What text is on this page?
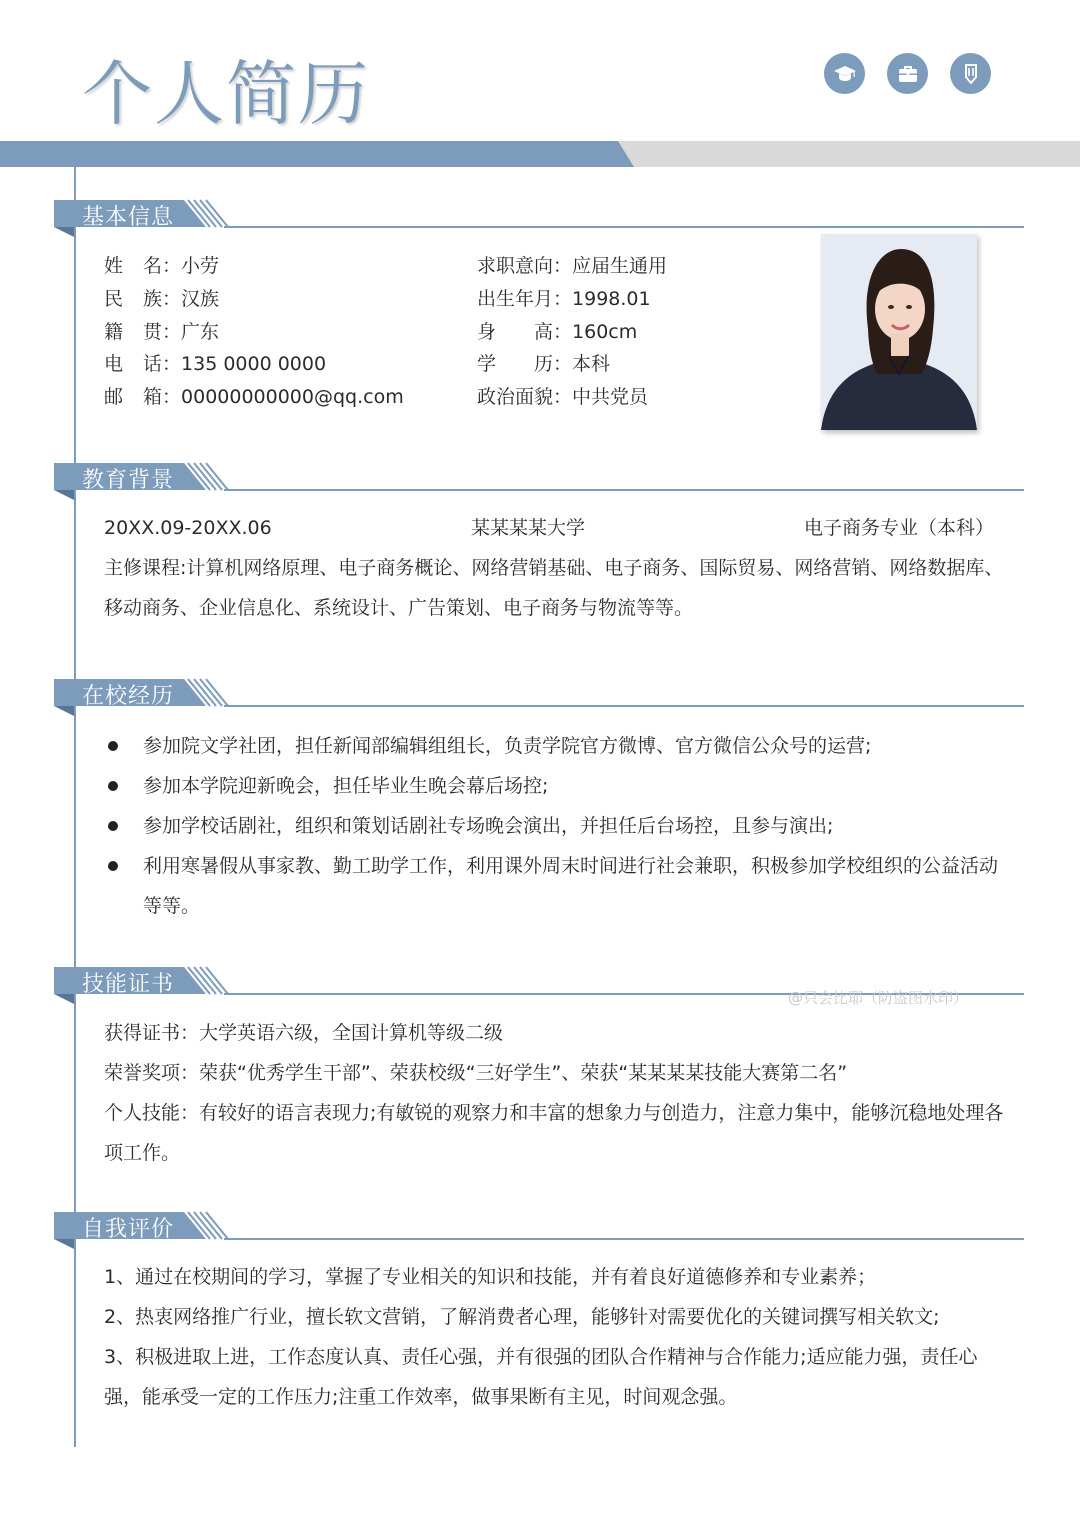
个人简历
基本信息
姓名：小劳
民族：汉族
籍贯：广东
电话：135 0000 0000
邮箱：00000000000@qq.com
求职意向：应届生通用
出生年月：1998.01
身高：160cm
学历：本科
政治面貌：中共党员
教育背景
20XX.09-20XX.06	某某某某大学	电子商务专业（本科）
主修课程:计算机网络原理、电子商务概论、网络营销基础、电子商务、国际贸易、网络营销、网络数据库、移动商务、企业信息化、系统设计、广告策划、电子商务与物流等等。
在校经历
参加院文学社团，担任新闻部编辑组组长，负责学院官方微博、官方微信公众号的运营;
参加本学院迎新晚会，担任毕业生晚会幕后场控;
参加学校话剧社，组织和策划话剧社专场晚会演出，并担任后台场控，且参与演出;
利用寒暑假从事家教、勤工助学工作，利用课外周末时间进行社会兼职，积极参加学校组织的公益活动等等。
技能证书
@只会比耶（防盗图水印）
获得证书：大学英语六级，全国计算机等级二级
荣誉奖项：荣获“优秀学生干部”、荣获校级“三好学生”、荣获“某某某某技能大赛第二名”
个人技能：有较好的语言表现力;有敏锐的观察力和丰富的想象力与创造力，注意力集中，能够沉稳地处理各项工作。
自我评价
1、通过在校期间的学习，掌握了专业相关的知识和技能，并有着良好道德修养和专业素养；
2、热衷网络推广行业，擅长软文营销，了解消费者心理，能够针对需要优化的关键词撰写相关软文;
3、积极进取上进，工作态度认真、责任心强，并有很强的团队合作精神与合作能力;适应能力强，责任心强，能承受一定的工作压力;注重工作效率，做事果断有主见，时间观念强。
